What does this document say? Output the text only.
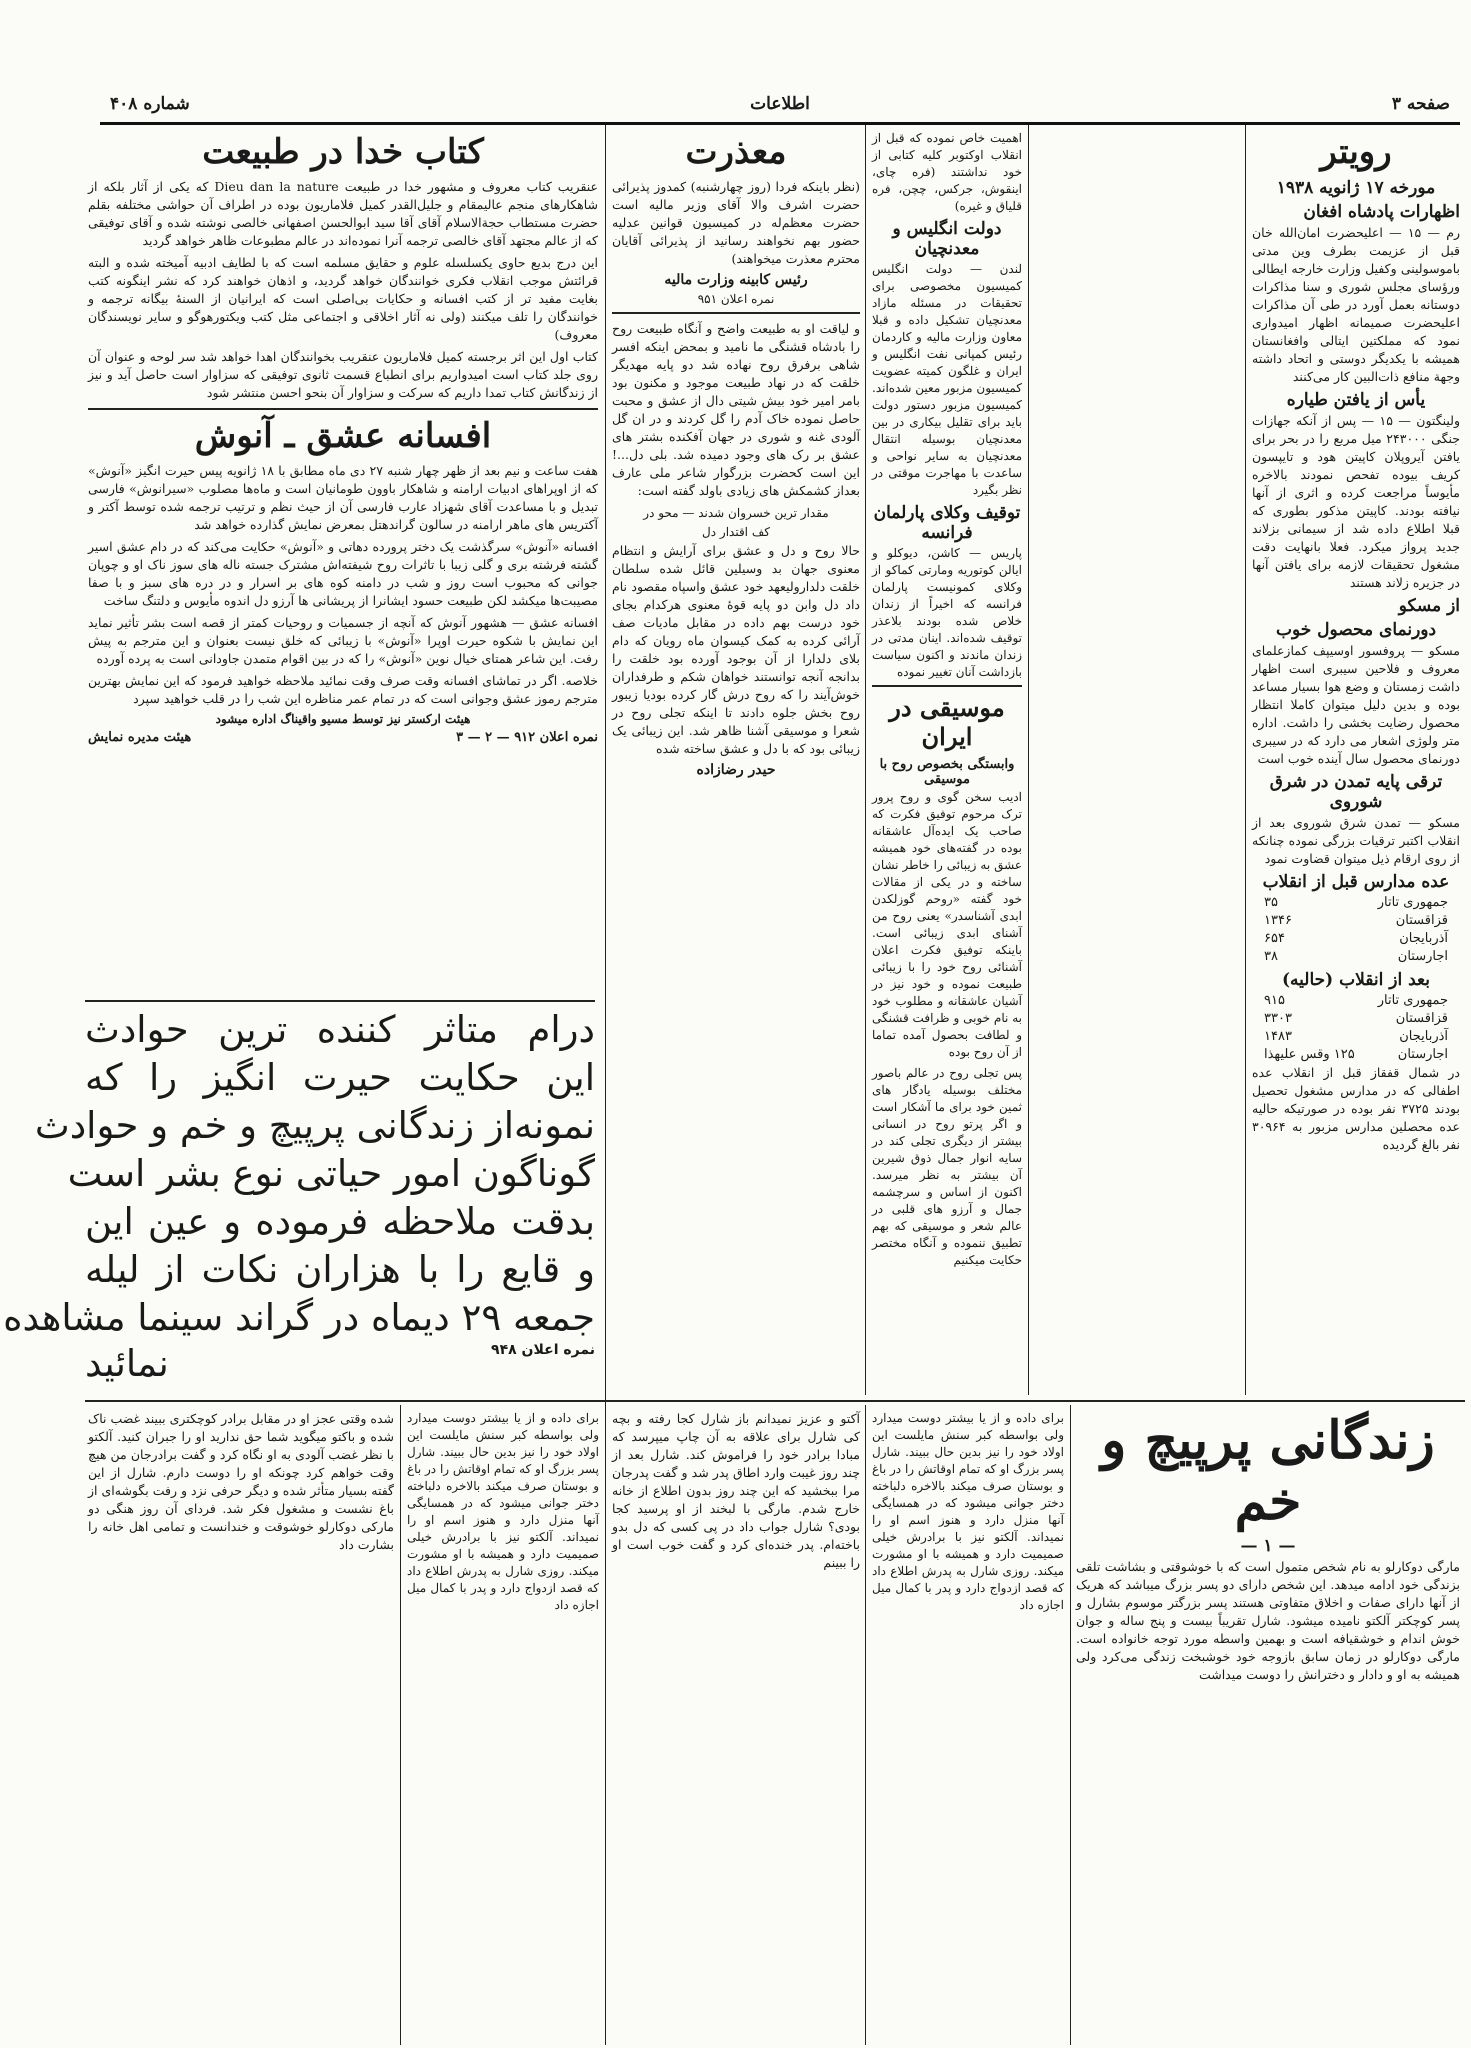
صفحه ۳
اطلاعات
شماره ۴۰۸
رویتر
مورخه ۱۷ ژانویه ۱۹۳۸
اظهارات پادشاه افغان

رم — ۱۵ — اعلیحضرت امان‌الله خان قبل از عزیمت بطرف وین مدتی باموسولینی وکفیل وزارت خارجه ایطالی ورؤسای مجلس شوری و سنا مذاکرات دوستانه بعمل آورد در طی آن مذاکرات اعلیحضرت صمیمانه اظهار امیدواری نمود که مملکتین ایتالی وافغانستان همیشه با یکدیگر دوستی و اتحاد داشته وجهة منافع ذات‌البین کار می‌کنند

یأس از یافتن طیاره

ولینگتون — ۱۵ — پس از آنکه جهازات جنگی ۲۴۳۰۰۰ میل مربع را در بحر برای یافتن آیروپلان کاپیتن هود و تایپسون کریف بیوده تفحص نمودند بالاخره مأیوساً مراجعت کرده و اثری از آنها نیافته بودند. کاپیتن مذکور بطوری که قبلا اطلاع داده شد از سیمانی بزلاند جدید پرواز میکرد. فعلا بانهایت دقت مشغول تحقیقات لازمه برای یافتن آنها در جزیره زلاند هستند

از مسکو
دورنمای محصول خوب

مسکو — پروفسور اوسیپف کمازعلمای معروف و فلاحین سیبری است اظهار داشت زمستان و وضع هوا بسیار مساعد بوده و بدین دلیل میتوان کاملا انتظار محصول رضایت بخشی را داشت. اداره متر ولوژی اشعار می دارد که در سیبری دورنمای محصول سال آینده خوب است

ترقی پایه تمدن در شرق شوروی

مسکو — تمدن شرق شوروی بعد از انقلاب اکتبر ترقیات بزرگی نموده چنانکه از روی ارقام ذیل میتوان قضاوت نمود

عده مدارس قبل از انقلاب
جمهوری تاتار
۳۵
قزاقستان
۱۳۴۶
آذربایجان
۶۵۴
اجارستان
۳۸
بعد از انقلاب (حالیه)
جمهوری تاتار
۹۱۵
قزاقستان
۳۳۰۳
آذربایجان
۱۴۸۳
اجارستان
۱۲۵ وقس علیهذا

در شمال قفقاز قبل از انقلاب عده اطفالی که در مدارس مشغول تحصیل بودند ۳۷۲۵ نفر بوده در صورتیکه حالیه عده محصلین مدارس مزبور به ۳۰۹۶۴ نفر بالغ گردیده

اهمیت خاص نموده که قبل از انقلاب اوکتوبر کلیه کتابی از خود نداشتند (فره چای، اینقوش، جرکس، چچن، فره قلیاق و غیره)

دولت انگلیس و معدنچیان

لندن — دولت انگلیس کمیسیون مخصوصی برای تحقیقات در مسئله مازاد معدنچیان تشکیل داده و قبلا معاون وزارت مالیه و کاردمان رئیس کمپانی نفت انگلیس و ایران و غلگون کمیته عضویت کمیسیون مزبور معین شده‌اند. کمیسیون مزبور دستور دولت باید برای تقلیل بیکاری در بین معدنچیان بوسیله انتقال معدنچیان به سایر نواحی و ساعدت با مهاجرت موقتی در نظر بگیرد

توقیف وکلای پارلمان فرانسه

پاریس — کاشن، دیوکلو و ایالن کوتوریه ومارتی کماکو از وکلای کمونیست پارلمان فرانسه که اخیراً از زندان خلاص شده بودند بلاعذر توقیف شده‌اند. اینان مدتی در زندان ماندند و اکنون سیاست بازداشت آنان تغییر نموده

موسیقی در ایران
وابستگی بخصوص روح با موسیقی

ادیب سخن گوی و روح پرور ترک مرحوم توفیق فکرت که صاحب یک ایده‌آل عاشقانه بوده در گفته‌های خود همیشه عشق به زیبائی را خاطر نشان ساخته و در یکی از مقالات خود گفته «روحم گوزلکدن ابدی آشناسدر» یعنی روح من آشنای ابدی زیبائی است. باینکه توفیق فکرت اعلان آشنائی روح خود را با زیبائی طبیعت نموده و خود نیز در آشیان عاشقانه و مطلوب خود به نام خوبی و ظرافت قشنگی و لطافت بحصول آمده تماما از آن روح بوده

پس تجلی روح در عالم باصور مختلف بوسیله یادگار های ثمین خود برای ما آشکار است و اگر پرتو روح در انسانی بیشتر از دیگری تجلی کند در سایه انوار جمال ذوق شیرین آن بیشتر به نظر میرسد. اکنون از اساس و سرچشمه جمال و آرزو های قلبی در عالم شعر و موسیقی که بهم تطبیق ننموده و آنگاه مختصر حکایت میکنیم

معذرت

(نظر باینکه فردا (روز چهارشنبه) کمدوز پذیرائی حضرت اشرف والا آقای وزیر مالیه است حضرت معظم‌له در کمیسیون قوانین عدلیه حضور بهم نخواهند رسانید از پذیرائی آقایان محترم معذرت میخواهند)

رئیس کابینه وزارت مالیه
نمره اعلان ۹۵۱

و لیاقت او به طبیعت واضح و آنگاه طبیعت روح را بادشاه قشنگی ما نامید و بمحض اینکه افسر شاهی برفرق روح نهاده شد دو پایه مهدیگر خلقت که در نهاد طبیعت موجود و مکنون بود بامر امیر خود بیش شیتی دال از عشق و محبت حاصل نموده خاک آدم را گل کردند و در ان گل آلودی غنه و شوری در جهان آفکنده بشتر های عشق بر رک های وجود دمیده شد. بلی دل...! این است کحضرت بزرگوار شاعر ملی عارف بعداز کشمکش های زیادی باولد گفته است:

مقدار ترین خسروان شدند — محو در
کف اقتدار دل

حالا روح و دل و عشق برای آرایش و انتظام معنوی جهان بد وسیلین قائل شده سلطان خلقت دلدارولیعهد خود عشق واسپاه مقصود نام داد دل وابن دو پایه قوهٔ معنوی هرکدام بجای خود درست بهم داده در مقابل ماديات صف آرائی کرده به کمک کیسوان ماه رویان که دام بلای دلدارا از آن بوجود آورده بود خلقت را بدانجه آنجه توانستند خواهان شکم و طرفداران خوش‌آیند را که روح درش گار کرده بودیا زیبور روح بخش جلوه دادند تا اینکه تجلی روح در شعرا و موسیقی آشنا ظاهر شد. این زیبائی یک زیبائی بود که با دل و عشق ساخته شده

حیدر رضازاده
کتاب خدا در طبیعت

عنقریب کتاب معروف و مشهور خدا در طبیعت Dieu dan la nature که یکی از آثار بلکه از شاهکارهای منجم عالیمقام و جلیل‌القدر کمیل فلاماریون بوده در اطراف آن حواشی مختلفه بقلم حضرت مستطاب حجة‌الاسلام آقای آقا سید ابوالحسن اصفهانی خالصی نوشته شده و آقای توفیقی که از عالم مجتهد آقای خالصی ترجمه آنرا نموده‌اند در عالم مطبوعات ظاهر خواهد گردید

این درج بدیع حاوی یکسلسله علوم و حقایق مسلمه است که با لطایف ادبیه آمیخته شده و البته قرائتش موجب انقلاب فکری خوانندگان خواهد گردید، و اذهان خواهند کرد که نشر اینگونه کتب بغایت مفید تر از کتب افسانه و حکایات بی‌اصلی است که ایرانیان از السنهٔ بیگانه ترجمه و خوانندگان را تلف میکنند (ولی نه آثار اخلاقی و اجتماعی مثل کتب ویکتورهوگو و سایر نویسندگان معروف)

کتاب اول این اثر برجسته کمیل فلاماریون عنقریب بخوانندگان اهدا خواهد شد سر لوحه و عنوان آن روی جلد کتاب است امیدواریم برای انطباع قسمت ثانوی توفیقی که سزاوار است حاصل آید و نیز از زندگانش کتاب تمدا داریم که سرکت و سزاوار آن بنحو احسن منتشر شود

افسانه عشق ـ آنوش

هفت ساعت و نیم بعد از ظهر چهار شنبه ۲۷ دی ماه مطابق با ۱۸ ژانویه پیس حیرت انگیز «آنوش» که از اوپراهای ادبیات ارامنه و شاهکار باوون طومانیان است و ماه‌ها مصلوب «سیرانوش» فارسی تبدیل و با مساعدت آقای شهزاد عارب فارسی آن از حیث نظم و ترتیب ترجمه شده توسط آکتر و آکتریس های ماهر ارامنه در سالون گراندهتل بمعرض نمایش گذارده خواهد شد

افسانه «آنوش» سرگذشت یک دختر پرورده دهاتی و «آنوش» حکایت می‌کند که در دام عشق اسیر گشته فرشته بری و گلی زیبا با تاثرات روح شیفته‌اش مشترک جسته ناله های سوز ناک او و چوپان جوانی که محبوب است روز و شب در دامنه کوه های بر اسرار و در دره های سبز و با صفا مصیبت‌ها میکشد لکن طبیعت حسود ایشانرا از پریشانی ها آرزو دل اندوه مأیوس و دلتنگ ساخت

افسانه عشق — هشهور آنوش که آنچه از جسمیات و روحیات کمتر از قصه است بشر تأثیر نماید این نمایش با شکوه حیرت اوپرا «آنوش» با زیبائی که خلق نیست بعنوان و این مترجم به پیش رفت. این شاعر همتای خیال نوین «آنوش» را که در بین اقوام متمدن جاودانی است به پرده آورده

خلاصه. اگر در تماشای افسانه وقت صرف وقت نمائید ملاحظه خواهید فرمود که این نمایش بهترین مترجم رموز عشق وجوانی است که در تمام عمر مناظره این شب را در قلب خواهید سپرد

هیئت ارکستر نیز توسط مسیو واقیناگ اداره میشود
نمره اعلان ۹۱۲ — ۲ — ۳
هیئت مدیره نمایش
درام متاثر کننده ترین حوادث
این حکایت حیرت انگیز را که
نمونه‌از زندگانی پرپیچ و خم و حوادث
گوناگون امور حیاتی نوع بشر است
بدقت ملاحظه فرموده و عین این
و قایع را با هزاران نکات از لیله
جمعه ۲۹ دیماه در گراند سینما مشاهده
نمره اعلان ۹۴۸
نمائید
زندگانی پرپیچ و خم
— ۱ —

مارگی دوکارلو به نام شخص متمول است که با خوشوقتی و بشاشت تلقی بزندگی خود ادامه میدهد. این شخص دارای دو پسر بزرگ میباشد که هریک از آنها دارای صفات و اخلاق متفاوتی هستند پسر بزرگتر موسوم بشارل و پسر کوچکتر آلکتو نامیده میشود. شارل تقریباً بیست و پنج ساله و جوان خوش اندام و خوشقیافه است و بهمین واسطه مورد توجه خانواده است. مارگی دوکارلو در زمان سابق بازوجه خود خوشبخت زندگی می‌کرد ولی همیشه به او و دادار و دخترانش را دوست میداشت

برای داده و از یا بیشتر دوست میدارد ولی بواسطه کبر سنش مایلست این اولاد خود را نیز بدین حال ببیند. شارل پسر بزرگ او که تمام اوقاتش را در باغ و بوستان صرف میکند بالاخره دلباخته دختر جوانی میشود که در همسایگی آنها منزل دارد و هنوز اسم او را نمیداند. آلکتو نیز با برادرش خیلی صمیمیت دارد و همیشه با او مشورت میکند. روزی شارل به پدرش اطلاع داد که قصد ازدواج دارد و پدر با کمال میل اجازه داد

آکتو و عزیز نمیدانم باز شارل کجا رفته و بچه کی شارل برای علاقه به آن چاپ میپرسد که مبادا برادر خود را فراموش کند. شارل بعد از چند روز غیبت وارد اطاق پدر شد و گفت پدرجان مرا ببخشید که این چند روز بدون اطلاع از خانه خارج شدم. مارگی با لبخند از او پرسید کجا بودی؟ شارل جواب داد در پی کسی که دل بدو باخته‌ام. پدر خنده‌ای کرد و گفت خوب است او را ببینم

برای داده و از یا بیشتر دوست میدارد ولی بواسطه کبر سنش مایلست این اولاد خود را نیز بدین حال ببیند. شارل پسر بزرگ او که تمام اوقاتش را در باغ و بوستان صرف میکند بالاخره دلباخته دختر جوانی میشود که در همسایگی آنها منزل دارد و هنوز اسم او را نمیداند. آلکتو نیز با برادرش خیلی صمیمیت دارد و همیشه با او مشورت میکند. روزی شارل به پدرش اطلاع داد که قصد ازدواج دارد و پدر با کمال میل اجازه داد

شده وقتی عجز او در مقابل برادر کوچکتری ببیند غضب ناک شده و باکتو میگوید شما حق ندارید او را جبران کنید. آلکتو با نظر غضب آلودی به او نگاه کرد و گفت برادرجان من هیچ وقت خواهم کرد چونکه او را دوست دارم. شارل از این گفته بسیار متأثر شده و دیگر حرفی نزد و رفت بگوشه‌ای از باغ نشست و مشغول فکر شد. فردای آن روز هنگی دو مارکی دوکارلو خوشوقت و خندانست و تمامی اهل خانه را بشارت داد
